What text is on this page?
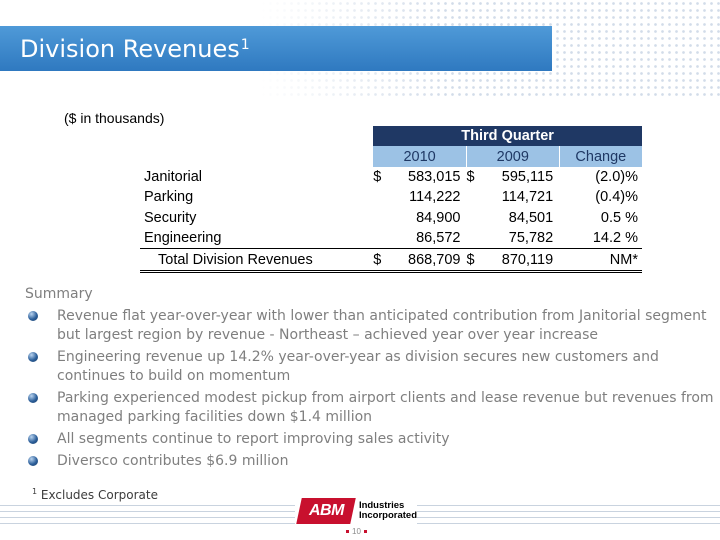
Division Revenues$^1$
($ in thousands)
	Third Quarter		
	2010	2009	Change
Janitorial	$ 583,015	$ 595,115	(2.0)%
Parking	114,222	114,721	(0.4)%
Security	84,900	84,501	0.5 %
Engineering	86,572	75,782	14.2 %
Total Division Revenues	$ 868,709	$ 870,119	NM*
Summary
Revenue flat year-over-year with lower than anticipated contribution from Janitorial segment but largest region by revenue - Northeast – achieved year over year increase
Engineering revenue up 14.2% year-over-year as division secures new customers and continues to build on momentum
Parking experienced modest pickup from airport clients and lease revenue but revenues from managed parking facilities down $1.4 million
All segments continue to report improving sales activity
Diversco contributes $6.9 million
$^1$ Excludes Corporate
ABM Industries
Incorporated
10
